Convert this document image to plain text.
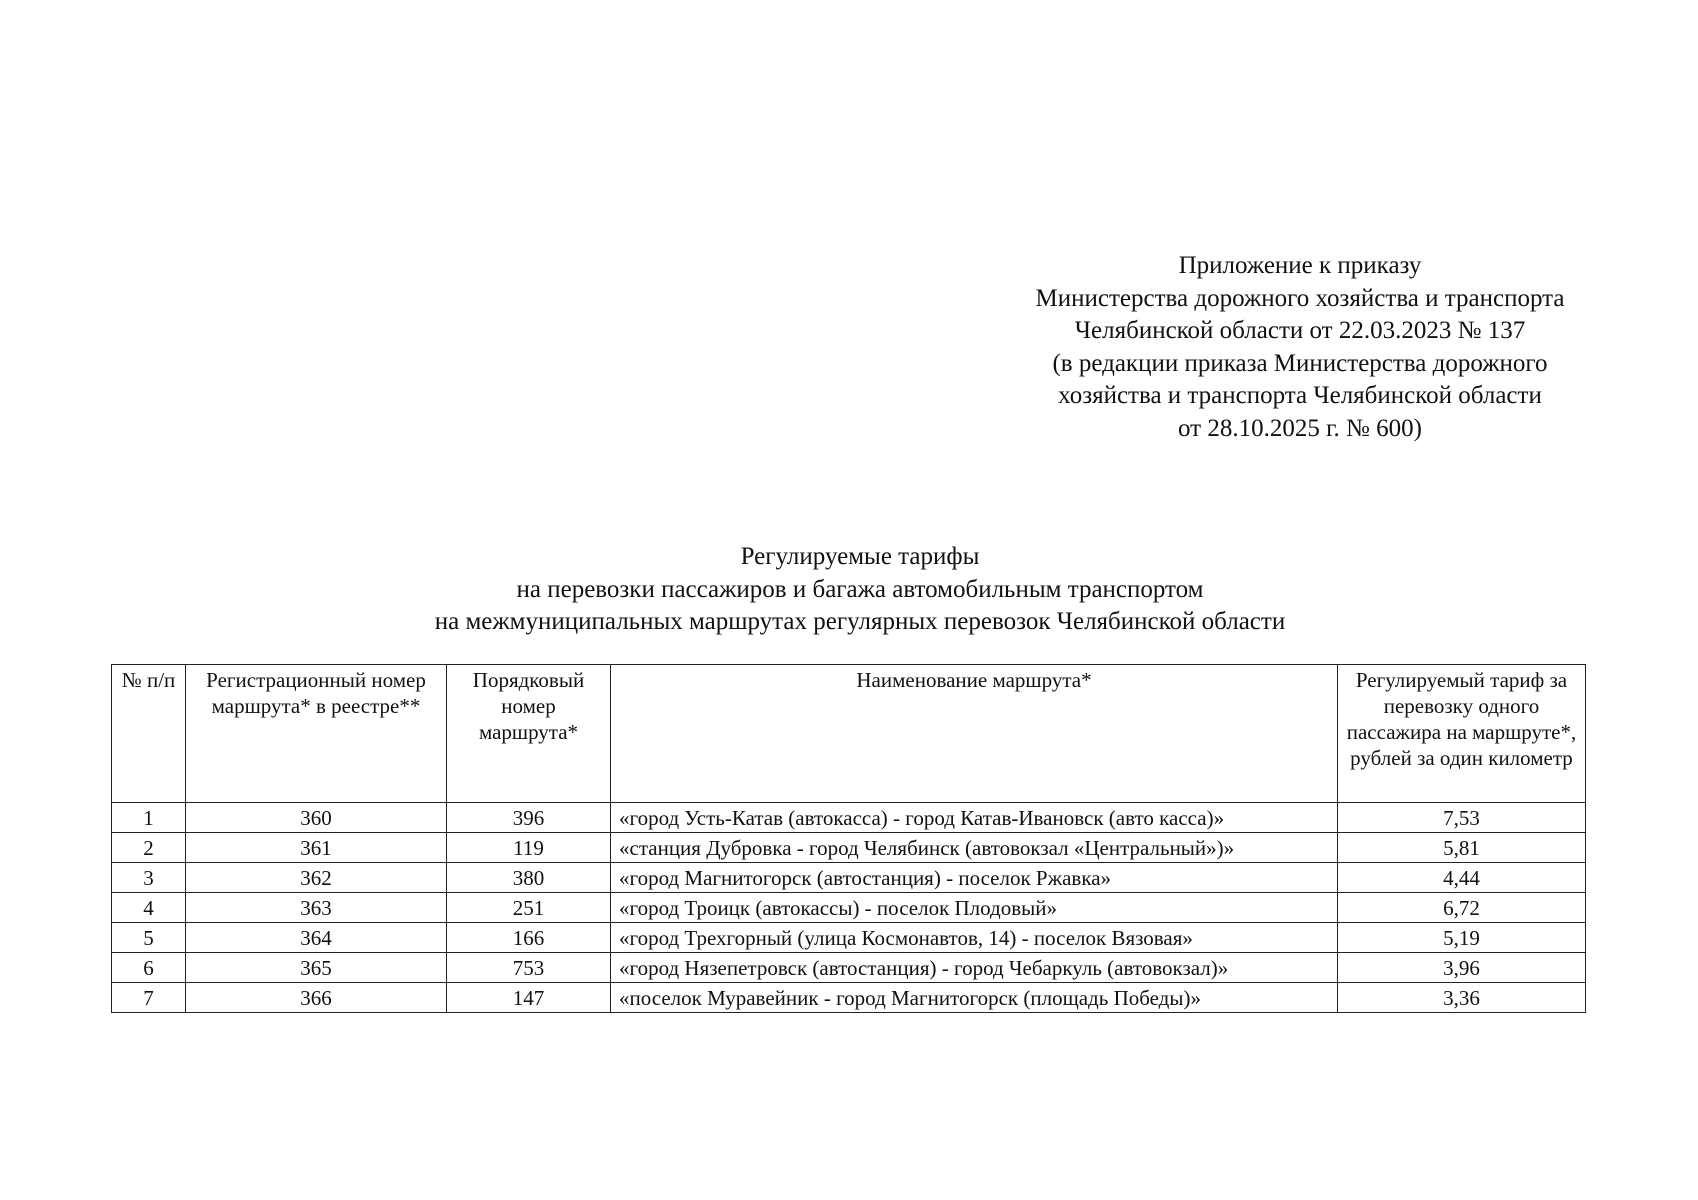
Приложение к приказу
Министерства дорожного хозяйства и транспорта
Челябинской области от 22.03.2023 № 137
(в редакции приказа Министерства дорожного
хозяйства и транспорта Челябинской области
от 28.10.2025 г. № 600)
Регулируемые тарифы
на перевозки пассажиров и багажа автомобильным транспортом
на межмуниципальных маршрутах регулярных перевозок Челябинской области
№ п/п	Регистрационный номер маршрута* в реестре**	Порядковый номер маршрута*	Наименование маршрута*	Регулируемый тариф за перевозку одного пассажира на маршруте*, рублей за один километр
1	360	396	«город Усть-Катав (автокасса) - город Катав-Ивановск (авто касса)»	7,53
2	361	119	«станция Дубровка - город Челябинск (автовокзал «Центральный»)»	5,81
3	362	380	«город Магнитогорск (автостанция) - поселок Ржавка»	4,44
4	363	251	«город Троицк (автокассы) - поселок Плодовый»	6,72
5	364	166	«город Трехгорный (улица Космонавтов, 14) - поселок Вязовая»	5,19
6	365	753	«город Нязепетровск (автостанция) - город Чебаркуль (автовокзал)»	3,96
7	366	147	«поселок Муравейник - город Магнитогорск (площадь Победы)»	3,36
